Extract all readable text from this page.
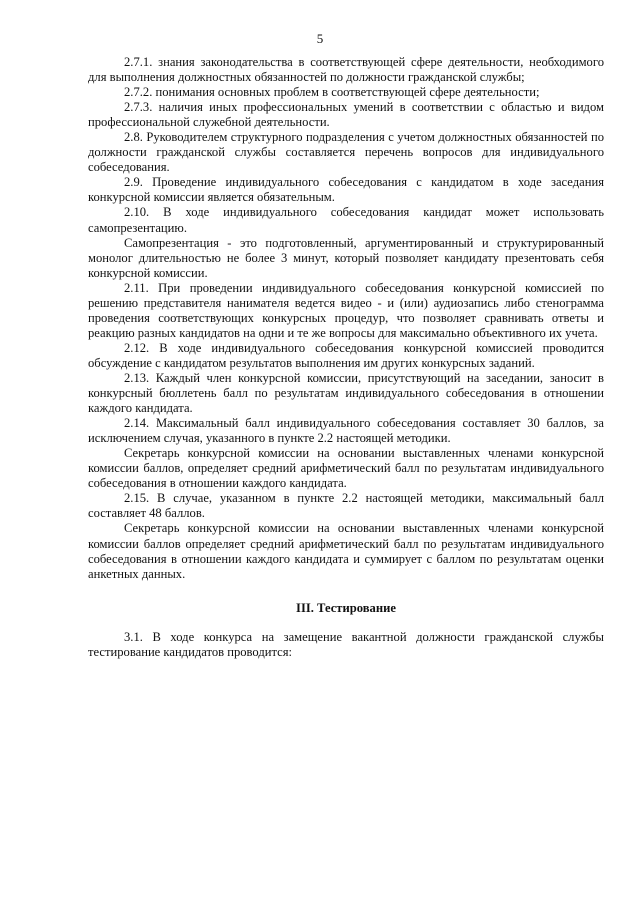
5

2.7.1. знания законодательства в соответствующей сфере деятельности, необходимого для выполнения должностных обязанностей по должности гражданской службы;

2.7.2. понимания основных проблем в соответствующей сфере деятельности;

2.7.3. наличия иных профессиональных умений в соответствии с областью и видом профессиональной служебной деятельности.

2.8. Руководителем структурного подразделения с учетом должностных обязанностей по должности гражданской службы составляется перечень вопросов для индивидуального собеседования.

2.9. Проведение индивидуального собеседования с кандидатом в ходе заседания конкурсной комиссии является обязательным.

2.10. В ходе индивидуального собеседования кандидат может использовать самопрезентацию.

Самопрезентация - это подготовленный, аргументированный и структурированный монолог длительностью не более 3 минут, который позволяет кандидату презентовать себя конкурсной комиссии.

2.11. При проведении индивидуального собеседования конкурсной комиссией по решению представителя нанимателя ведется видео - и (или) аудиозапись либо стенограмма проведения соответствующих конкурсных процедур, что позволяет сравнивать ответы и реакцию разных кандидатов на одни и те же вопросы для максимально объективного их учета.

2.12. В ходе индивидуального собеседования конкурсной комиссией проводится обсуждение с кандидатом результатов выполнения им других конкурсных заданий.

2.13. Каждый член конкурсной комиссии, присутствующий на заседании, заносит в конкурсный бюллетень балл по результатам индивидуального собеседования в отношении каждого кандидата.

2.14. Максимальный балл индивидуального собеседования составляет 30 баллов, за исключением случая, указанного в пункте 2.2 настоящей методики.

Секретарь конкурсной комиссии на основании выставленных членами конкурсной комиссии баллов, определяет средний арифметический балл по результатам индивидуального собеседования в отношении каждого кандидата.

2.15. В случае, указанном в пункте 2.2 настоящей методики, максимальный балл составляет 48 баллов.

Секретарь конкурсной комиссии на основании выставленных членами конкурсной комиссии баллов определяет средний арифметический балл по результатам индивидуального собеседования в отношении каждого кандидата и суммирует с баллом по результатам оценки анкетных данных.

III. Тестирование

3.1. В ходе конкурса на замещение вакантной должности гражданской службы тестирование кандидатов проводится:
